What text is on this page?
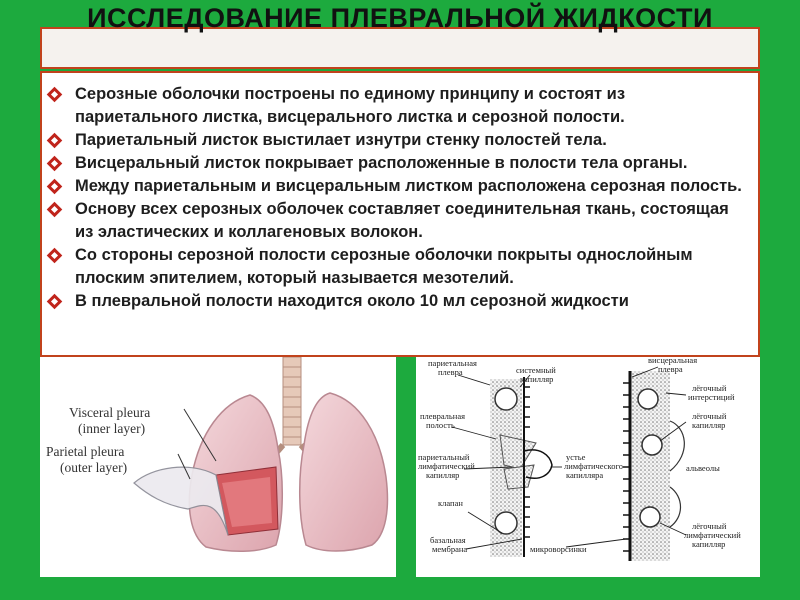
ИССЛЕДОВАНИЕ ПЛЕВРАЛЬНОЙ ЖИДКОСТИ
Серозные оболочки построены по единому принципу и состоят из париетального листка, висцерального листка и серозной полости.
Париетальный листок выстилает изнутри стенку полостей тела.
Висцеральный листок покрывает расположенные в полости тела органы.
Между париетальным и висцеральным листком расположена серозная полость.
Основу всех серозных оболочек составляет соединительная ткань, состоящая из эластических и коллагеновых волокон.
Со стороны серозной полости серозные оболочки покрыты однослойным плоским эпителием, который называется мезотелий.
В плевральной полости находится около 10 мл серозной жидкости
Visceral pleura
(inner layer)
Parietal pleura
(outer layer)
париетальная
плевра	системный
капилляр
висцеральная
плевра
лёгочный
интерстиций
лёгочный
капилляр
плевральная
полость
париетальный
лимфатический
капилляр
устье
лимфатического
капилляра
альвеолы
клапан
базальная
мембрана	микроворсинки
лёгочный
лимфатический
капилляр
